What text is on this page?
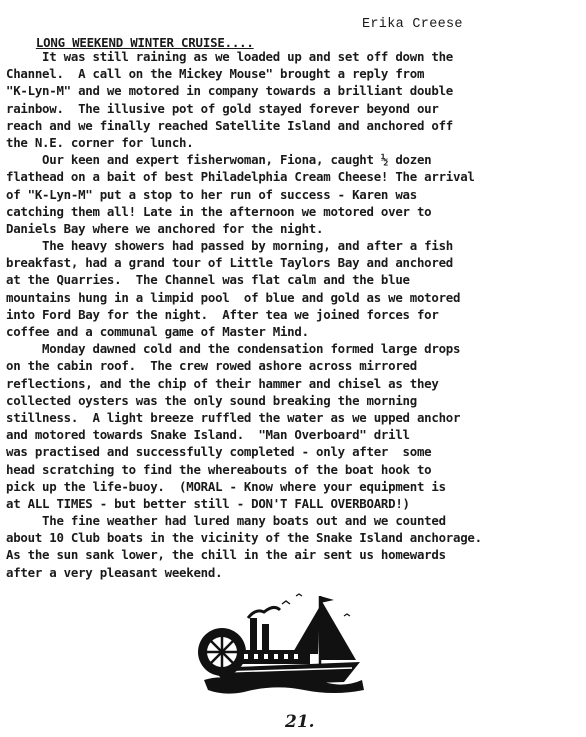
LONG WEEKEND WINTER CRUISE....

Erika Creese

It was still raining as we loaded up and set off down the
Channel.  A call on the Mickey Mouse" brought a reply from
"K-Lyn-M" and we motored in company towards a brilliant double
rainbow.  The illusive pot of gold stayed forever beyond our
reach and we finally reached Satellite Island and anchored off
the N.E. corner for lunch.
Our keen and expert fisherwoman, Fiona, caught ½ dozen
flathead on a bait of best Philadelphia Cream Cheese! The arrival
of "K-Lyn-M" put a stop to her run of success - Karen was
catching them all! Late in the afternoon we motored over to
Daniels Bay where we anchored for the night.
The heavy showers had passed by morning, and after a fish
breakfast, had a grand tour of Little Taylors Bay and anchored
at the Quarries.  The Channel was flat calm and the blue
mountains hung in a limpid pool  of blue and gold as we motored
into Ford Bay for the night.  After tea we joined forces for
coffee and a communal game of Master Mind.
Monday dawned cold and the condensation formed large drops
on the cabin roof.  The crew rowed ashore across mirrored
reflections, and the chip of their hammer and chisel as they
collected oysters was the only sound breaking the morning
stillness.  A light breeze ruffled the water as we upped anchor
and motored towards Snake Island.  "Man Overboard" drill
was practised and successfully completed - only after  some
head scratching to find the whereabouts of the boat hook to
pick up the life-buoy.  (MORAL - Know where your equipment is
at ALL TIMES - but better still - DON'T FALL OVERBOARD!)
The fine weather had lured many boats out and we counted
about 10 Club boats in the vicinity of the Snake Island anchorage.
As the sun sank lower, the chill in the air sent us homewards
after a very pleasant weekend.
21.
